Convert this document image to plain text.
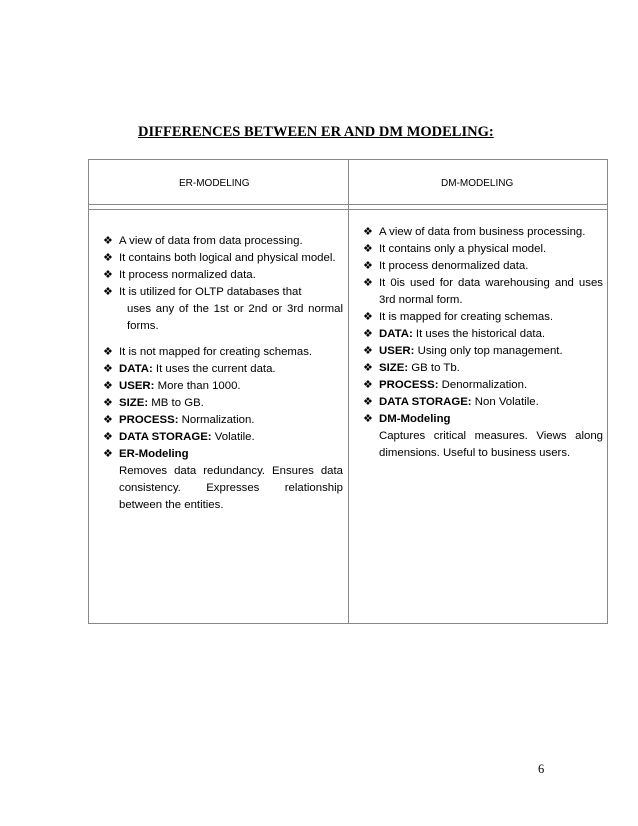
DIFFERENCES BETWEEN ER AND DM MODELING:
ER-MODELING	DM-MODELING
❖ A view of data from data processing.
❖ It contains both logical and physical model.
❖ It process normalized data.
❖ It is utilized for OLTP databases that
uses any of the 1st or 2nd or 3rd normal forms.
❖ It is not mapped for creating schemas.
❖ DATA: It uses the current data.
❖ USER: More than 1000.
❖ SIZE: MB to GB.
❖ PROCESS: Normalization.
❖ DATA STORAGE: Volatile.
❖ ER-Modeling
Removes data redundancy. Ensures data consistency. Expresses relationship between the entities.
❖ A view of data from business processing.
❖ It contains only a physical model.
❖ It process denormalized data.
❖ It 0is used for data warehousing and uses 3rd normal form.
❖ It is mapped for creating schemas.
❖ DATA: It uses the historical data.
❖ USER: Using only top management.
❖ SIZE: GB to Tb.
❖ PROCESS: Denormalization.
❖ DATA STORAGE: Non Volatile.
❖ DM-Modeling
Captures critical measures. Views along dimensions. Useful to business users.
6
